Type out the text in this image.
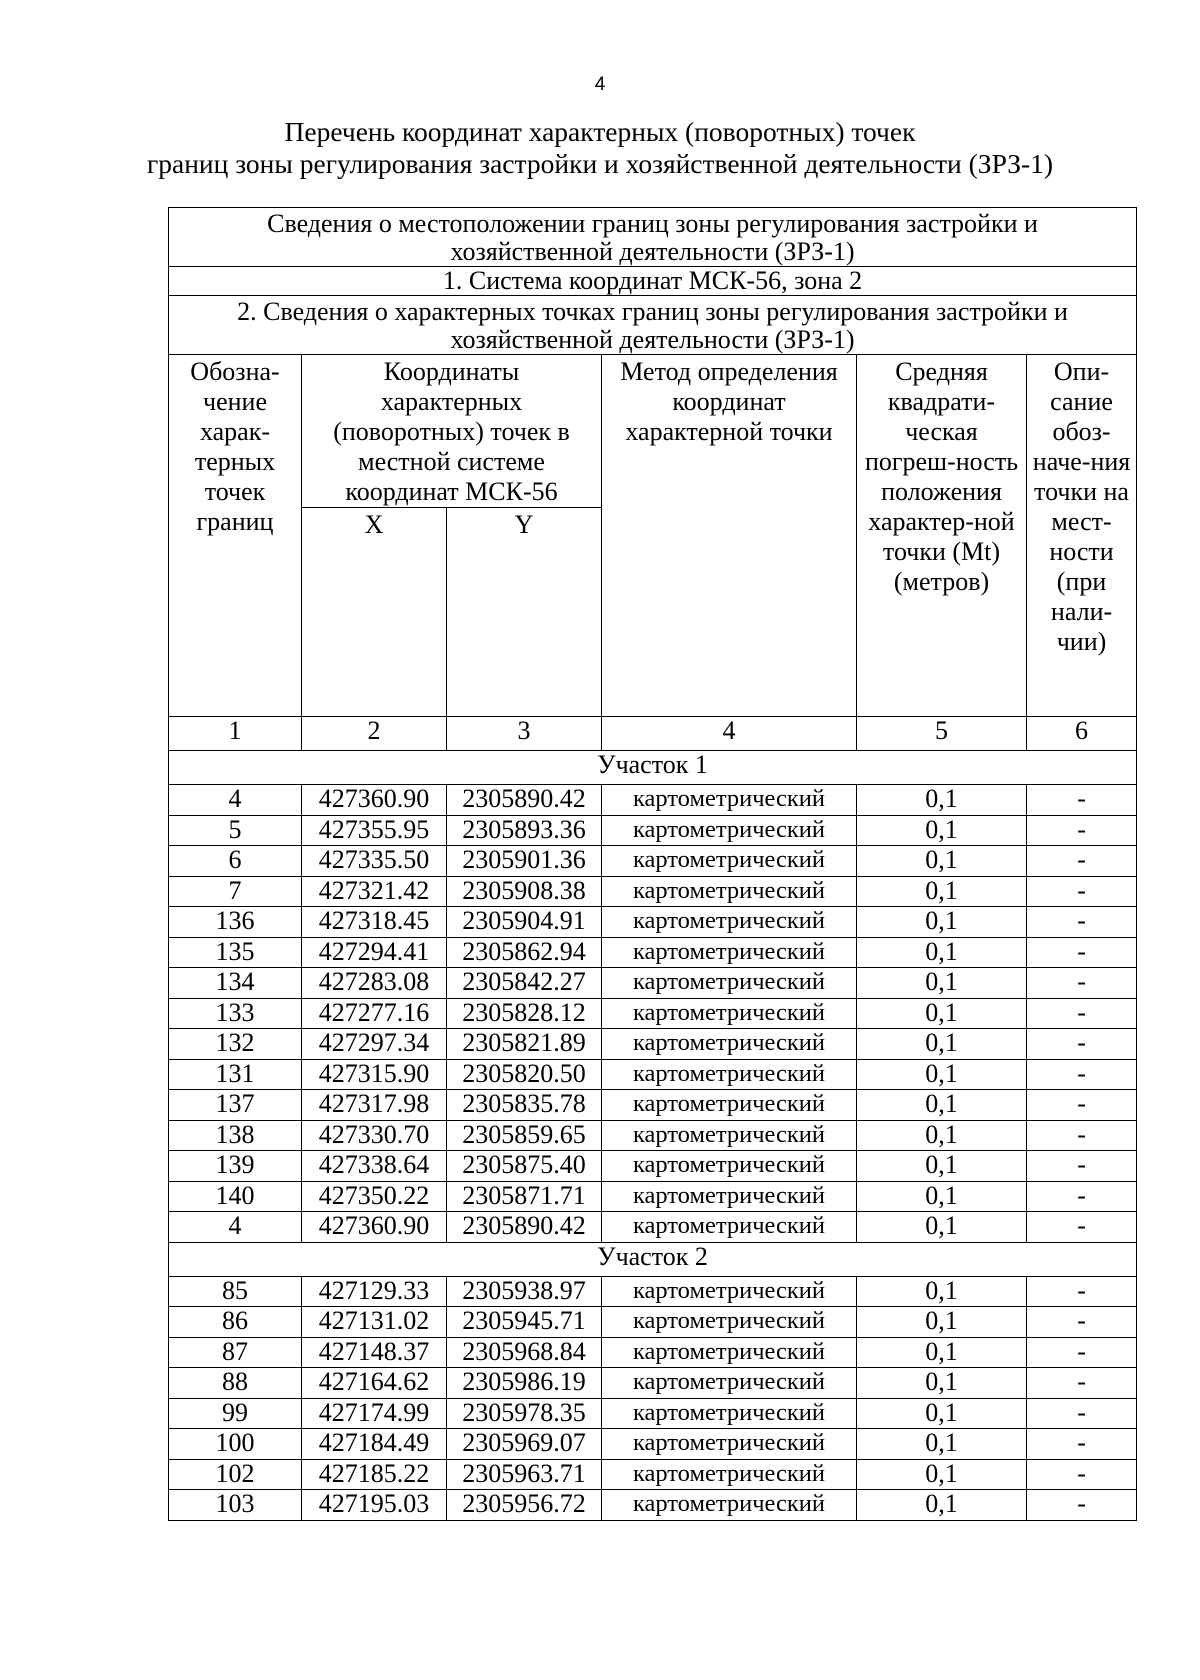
4
Перечень координат характерных (поворотных) точек
границ зоны регулирования застройки и хозяйственной деятельности (ЗРЗ-1)
Сведения о местоположении границ зоны регулирования застройки и хозяйственной деятельности (ЗРЗ-1)					
1. Система координат МСК-56, зона 2					
2. Сведения о характерных точках границ зоны регулирования застройки и хозяйственной деятельности (ЗРЗ-1)					
Обозна-чение харак-терных точек границ	Координаты характерных (поворотных) точек в местной системе координат МСК-56		Метод определения координат характерной точки	Средняя квадрати-ческая погреш-ность положения характер-ной точки (Mt) (метров)	Опи-сание обоз-наче-ния точки на мест-ности (при нали-чии)
	X	Y			
1	2	3	4	5	6
Участок 1					
4	427360.90	2305890.42	картометрический	0,1	-
5	427355.95	2305893.36	картометрический	0,1	-
6	427335.50	2305901.36	картометрический	0,1	-
7	427321.42	2305908.38	картометрический	0,1	-
136	427318.45	2305904.91	картометрический	0,1	-
135	427294.41	2305862.94	картометрический	0,1	-
134	427283.08	2305842.27	картометрический	0,1	-
133	427277.16	2305828.12	картометрический	0,1	-
132	427297.34	2305821.89	картометрический	0,1	-
131	427315.90	2305820.50	картометрический	0,1	-
137	427317.98	2305835.78	картометрический	0,1	-
138	427330.70	2305859.65	картометрический	0,1	-
139	427338.64	2305875.40	картометрический	0,1	-
140	427350.22	2305871.71	картометрический	0,1	-
4	427360.90	2305890.42	картометрический	0,1	-
Участок 2					
85	427129.33	2305938.97	картометрический	0,1	-
86	427131.02	2305945.71	картометрический	0,1	-
87	427148.37	2305968.84	картометрический	0,1	-
88	427164.62	2305986.19	картометрический	0,1	-
99	427174.99	2305978.35	картометрический	0,1	-
100	427184.49	2305969.07	картометрический	0,1	-
102	427185.22	2305963.71	картометрический	0,1	-
103	427195.03	2305956.72	картометрический	0,1	-
